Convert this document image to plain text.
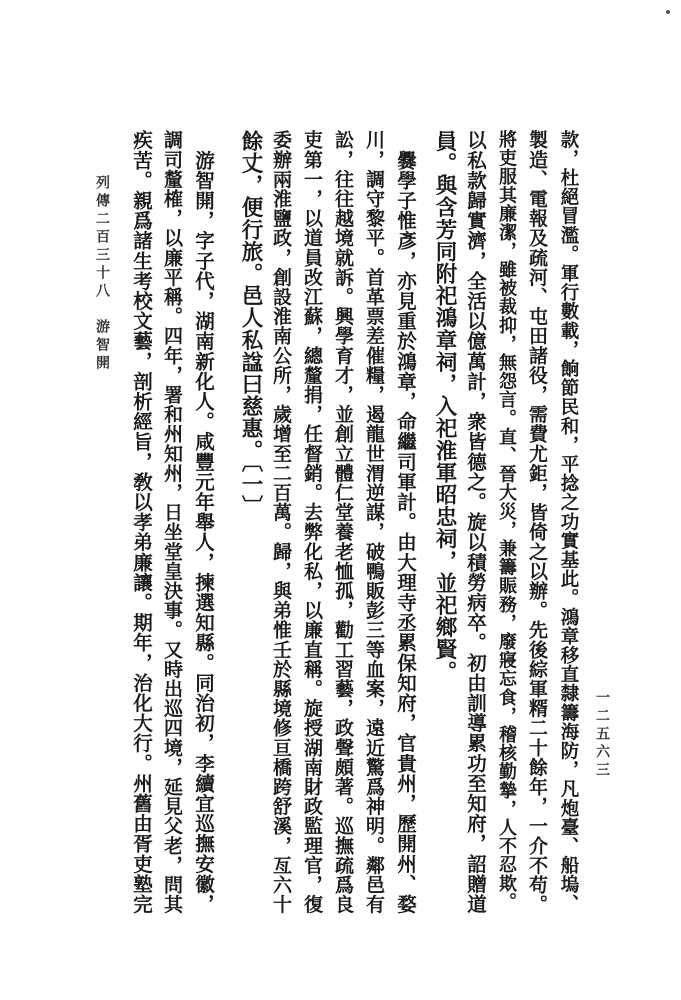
款，杜絕冒濫。軍行數載，餉節民和，平捻之功實基此。鴻章移直隸籌海防，凡炮臺、船塢、
製造、電報及疏河、屯田諸役，需費尤鉅，皆倚之以辦。先後綜軍糈二十餘年，一介不苟。
將吏服其廉潔，雖被裁抑，無怨言。直、晉大災，兼籌賑務，廢寢忘食，稽核勤摯，人不忍欺。
以私款歸實濟，全活以億萬計，衆皆德之。旋以積勞病卒。初由訓導累功至知府，詔贈道
員。與含芳同附祀鴻章祠，入祀淮軍昭忠祠，並祀鄉賢。
　爨學子惟彥，亦見重於鴻章，命繼司軍計。由大理寺丞累保知府，官貴州，歷開州、婺
川，調守黎平。首革票差催糧，遏龍世渭逆謀，破鴨販彭三等血案，遠近驚爲神明。鄰邑有
訟，往往越境就訴。興學育才，並創立體仁堂養老恤孤，勸工習藝，政聲頗著。巡撫疏爲良
吏第一，以道員改江蘇，總釐捐，任督銷。去弊化私，以廉直稱。旋授湖南財政監理官，復
委辦兩淮鹽政，創設淮南公所，歲增至二百萬。歸，與弟惟壬於縣境修亘橋跨舒溪，亙六十
餘丈，便行旅。邑人私諡曰慈惠。〔一〕
　游智開，字子代，湖南新化人。咸豐元年舉人，揀選知縣。同治初，李續宜巡撫安徽，
調司釐榷，以廉平稱。四年，署和州知州，日坐堂皇決事。又時出巡四境，延見父老，問其
疾苦。親爲諸生考校文藝，剖析經旨，敎以孝弟廉讓。期年，治化大行。州舊由胥吏塾完
列傳二百三十八　游智開
一二五六三
